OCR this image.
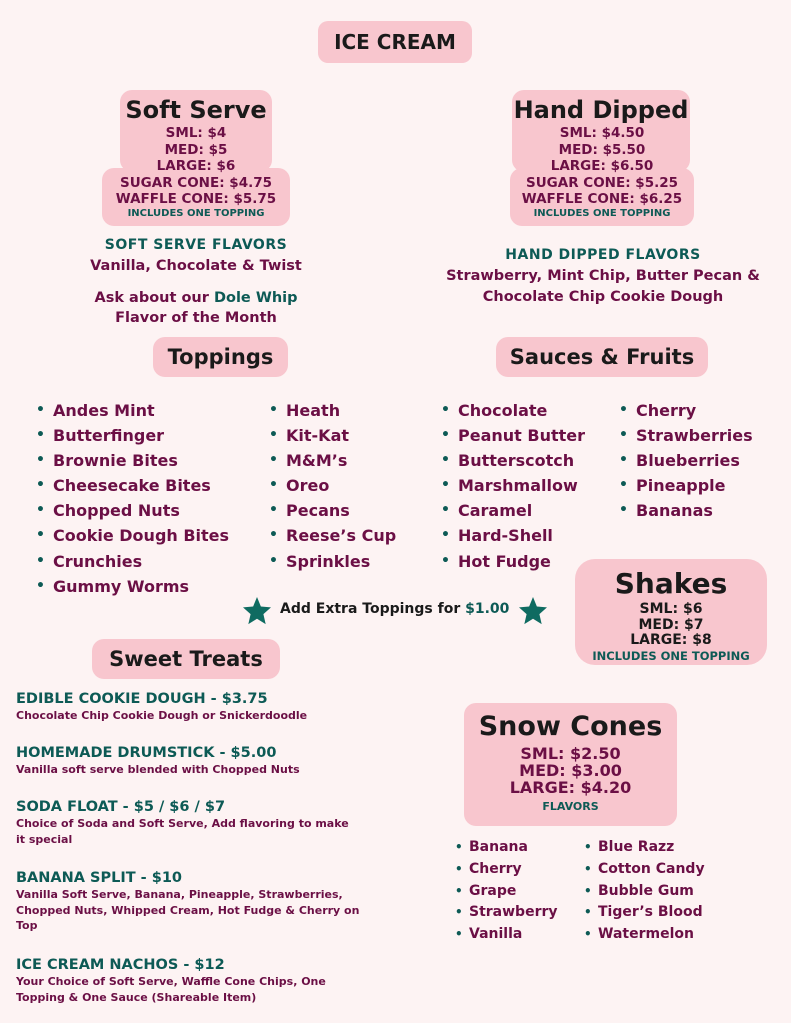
ICE CREAM
Soft Serve
SML: $4
MED: $5
LARGE: $6
SUGAR CONE: $4.75
WAFFLE CONE: $5.75
INCLUDES ONE TOPPING
SOFT SERVE FLAVORS
Vanilla, Chocolate & Twist
Ask about our Dole Whip
Flavor of the Month
Hand Dipped
SML: $4.50
MED: $5.50
LARGE: $6.50
SUGAR CONE: $5.25
WAFFLE CONE: $6.25
INCLUDES ONE TOPPING
HAND DIPPED FLAVORS
Strawberry, Mint Chip, Butter Pecan &
Chocolate Chip Cookie Dough
Toppings
• Andes Mint
• Butterfinger
• Brownie Bites
• Cheesecake Bites
• Chopped Nuts
• Cookie Dough Bites
• Crunchies
• Gummy Worms
• Heath
• Kit-Kat
• M&M’s
• Oreo
• Pecans
• Reese’s Cup
• Sprinkles
Sauces & Fruits
• Chocolate
• Peanut Butter
• Butterscotch
• Marshmallow
• Caramel
• Hard-Shell
• Hot Fudge
• Cherry
• Strawberries
• Blueberries
• Pineapple
• Bananas
Add Extra Toppings for $1.00
Shakes
SML: $6
MED: $7
LARGE: $8
INCLUDES ONE TOPPING
Sweet Treats
EDIBLE COOKIE DOUGH - $3.75
Chocolate Chip Cookie Dough or Snickerdoodle
HOMEMADE DRUMSTICK - $5.00
Vanilla soft serve blended with Chopped Nuts
SODA FLOAT - $5 / $6 / $7
Choice of Soda and Soft Serve, Add flavoring to make it special
BANANA SPLIT - $10
Vanilla Soft Serve, Banana, Pineapple, Strawberries, Chopped Nuts, Whipped Cream, Hot Fudge & Cherry on Top
ICE CREAM NACHOS - $12
Your Choice of Soft Serve, Waffle Cone Chips, One Topping & One Sauce (Shareable Item)
Snow Cones
SML: $2.50
MED: $3.00
LARGE: $4.20
FLAVORS
• Banana
• Cherry
• Grape
• Strawberry
• Vanilla
• Blue Razz
• Cotton Candy
• Bubble Gum
• Tiger’s Blood
• Watermelon
